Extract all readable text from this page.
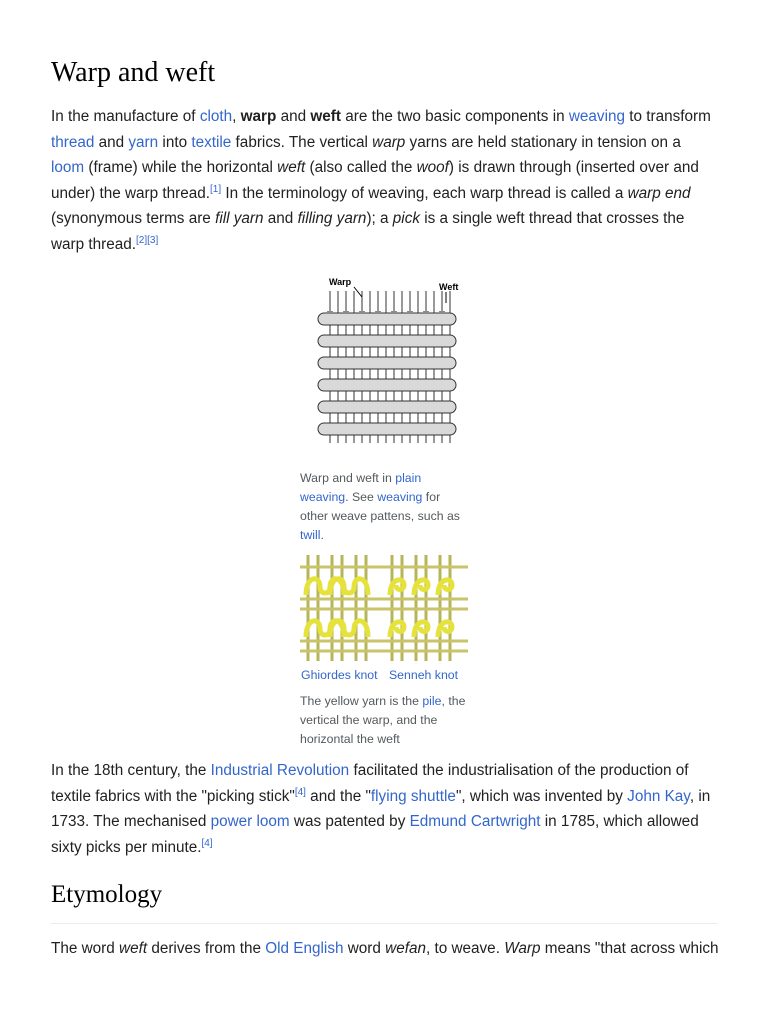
Warp and weft

In the manufacture of cloth, warp and weft are the two basic components in weaving to transform thread and yarn into textile fabrics. The vertical warp yarns are held stationary in tension on a loom (frame) while the horizontal weft (also called the woof) is drawn through (inserted over and under) the warp thread.[1] In the terminology of weaving, each warp thread is called a warp end (synonymous terms are fill yarn and filling yarn); a pick is a single weft thread that crosses the warp thread.[2][3]

Warp	Weft

Warp and weft in plain weaving. See weaving for other weave pattens, such as twill.

Ghiordes knot Senneh knot

The yellow yarn is the pile, the vertical the warp, and the horizontal the weft

In the 18th century, the Industrial Revolution facilitated the industrialisation of the production of textile fabrics with the "picking stick"[4] and the "flying shuttle", which was invented by John Kay, in 1733. The mechanised power loom was patented by Edmund Cartwright in 1785, which allowed sixty picks per minute.[4]

Etymology

The word weft derives from the Old English word wefan, to weave. Warp means "that across which
